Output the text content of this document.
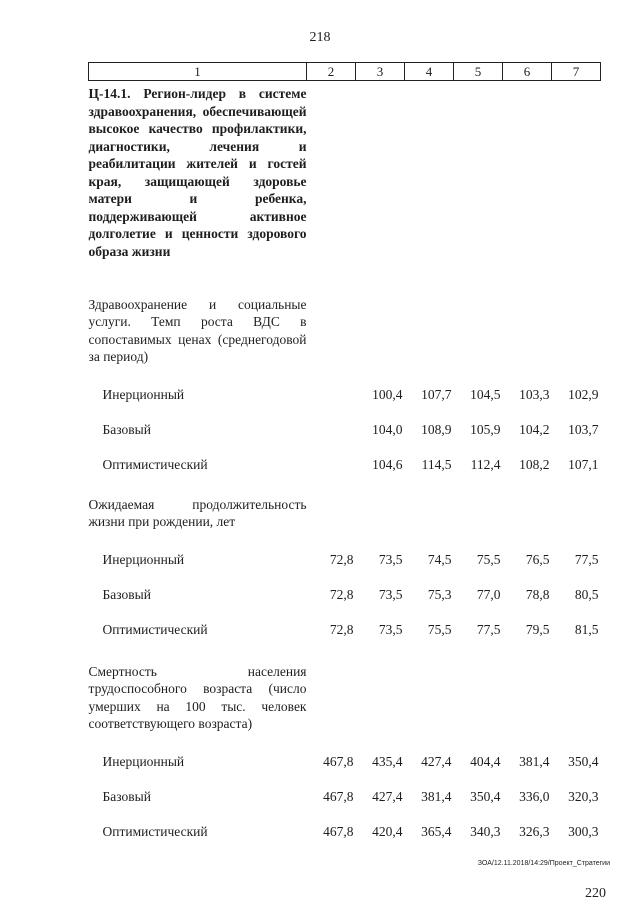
218
1	2	3	4	5	6	7
Ц-14.1. Регион-лидер в системе здравоохранения, обеспечивающей высокое качество профилактики, диагностики, лечения и реабилитации жителей и гостей края, защищающей здоровье матери и ребенка, поддерживающей активное долголетие и ценности здорового образа жизни						
Здравоохранение и социальные услуги. Темп роста ВДС в сопоставимых ценах (среднегодовой за период)						
Инерционный		100,4	107,7	104,5	103,3	102,9
Базовый		104,0	108,9	105,9	104,2	103,7
Оптимистический		104,6	114,5	112,4	108,2	107,1
Ожидаемая продолжительность жизни при рождении, лет						
Инерционный	72,8	73,5	74,5	75,5	76,5	77,5
Базовый	72,8	73,5	75,3	77,0	78,8	80,5
Оптимистический	72,8	73,5	75,5	77,5	79,5	81,5
Смертность населения трудоспособного возраста (число умерших на 100 тыс. человек соответствующего возраста)						
Инерционный	467,8	435,4	427,4	404,4	381,4	350,4
Базовый	467,8	427,4	381,4	350,4	336,0	320,3
Оптимистический	467,8	420,4	365,4	340,3	326,3	300,3
ЗОА/12.11.2018/14:29/Проект_Стратегии
220
